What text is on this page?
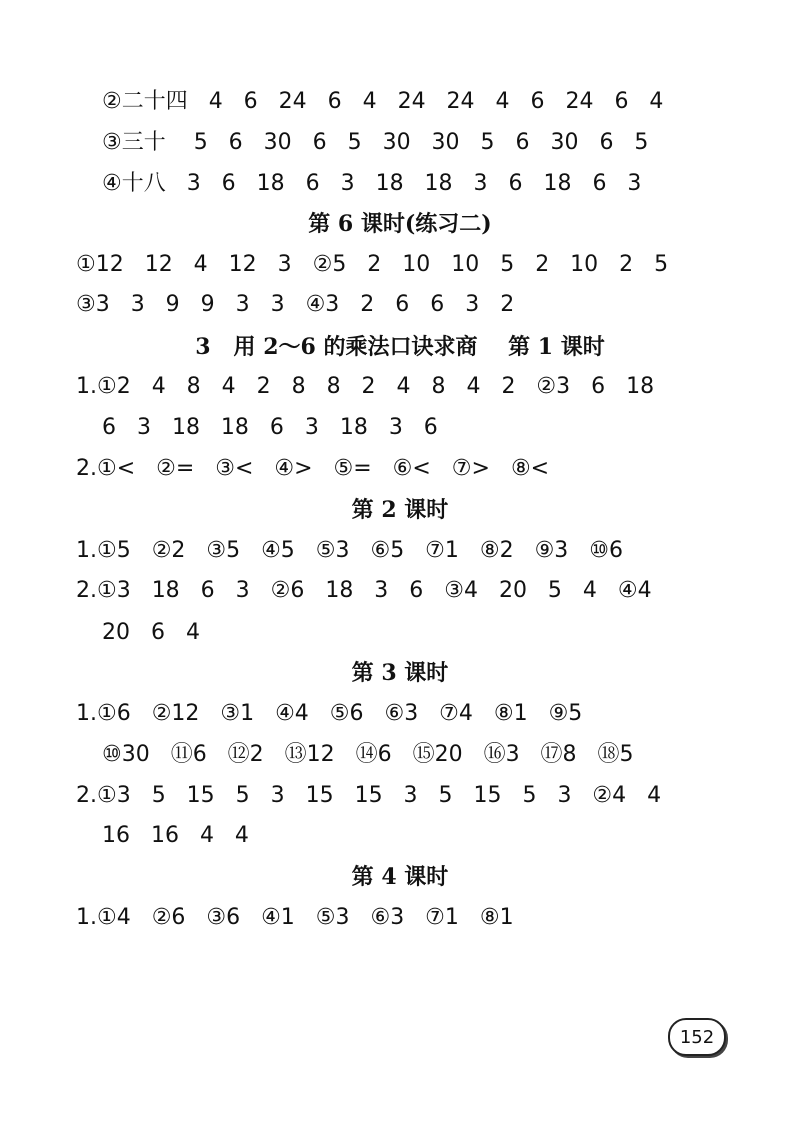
②二十四   4   6   24   6   4   24   24   4   6   24   6   4
③三十    5   6   30   6   5   30   30   5   6   30   6   5
④十八   3   6   18   6   3   18   18   3   6   18   6   3
第 6 课时(练习二)
①12   12   4   12   3   ②5   2   10   10   5   2   10   2   5
③3   3   9   9   3   3   ④3   2   6   6   3   2
3   用 2～6 的乘法口诀求商    第 1 课时
1.①2   4   8   4   2   8   8   2   4   8   4   2   ②3   6   18
6   3   18   18   6   3   18   3   6
2.①<   ②=   ③<   ④>   ⑤=   ⑥<   ⑦>   ⑧<
第 2 课时
1.①5   ②2   ③5   ④5   ⑤3   ⑥5   ⑦1   ⑧2   ⑨3   ⑩6
2.①3   18   6   3   ②6   18   3   6   ③4   20   5   4   ④4
20   6   4
第 3 课时
1.①6   ②12   ③1   ④4   ⑤6   ⑥3   ⑦4   ⑧1   ⑨5
⑩30   ⑪6   ⑫2   ⑬12   ⑭6   ⑮20   ⑯3   ⑰8   ⑱5
2.①3   5   15   5   3   15   15   3   5   15   5   3   ②4   4
16   16   4   4
第 4 课时
1.①4   ②6   ③6   ④1   ⑤3   ⑥3   ⑦1   ⑧1
152
